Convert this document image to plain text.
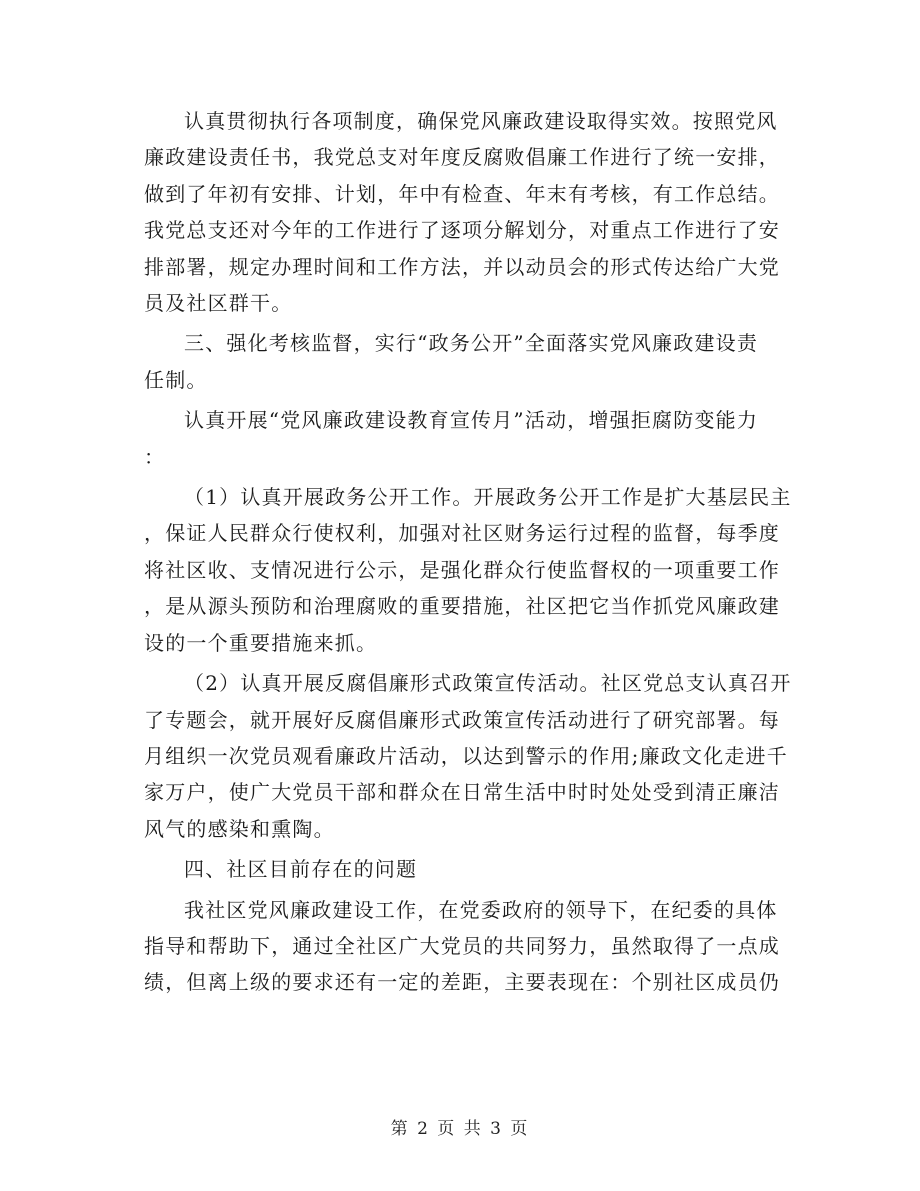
认真贯彻执行各项制度，确保党风廉政建设取得实效。按照党风
廉政建设责任书，我党总支对年度反腐败倡廉工作进行了统一安排，
做到了年初有安排、计划，年中有检查、年末有考核，有工作总结。
我党总支还对今年的工作进行了逐项分解划分，对重点工作进行了安
排部署，规定办理时间和工作方法，并以动员会的形式传达给广大党
员及社区群干。
三、强化考核监督，实行“政务公开”全面落实党风廉政建设责
任制。
认真开展“党风廉政建设教育宣传月”活动，增强拒腐防变能力
：
（1）认真开展政务公开工作。开展政务公开工作是扩大基层民主
，保证人民群众行使权利，加强对社区财务运行过程的监督，每季度
将社区收、支情况进行公示，是强化群众行使监督权的一项重要工作
，是从源头预防和治理腐败的重要措施，社区把它当作抓党风廉政建
设的一个重要措施来抓。
（2）认真开展反腐倡廉形式政策宣传活动。社区党总支认真召开
了专题会，就开展好反腐倡廉形式政策宣传活动进行了研究部署。每
月组织一次党员观看廉政片活动，以达到警示的作用;廉政文化走进千
家万户，使广大党员干部和群众在日常生活中时时处处受到清正廉洁
风气的感染和熏陶。
四、社区目前存在的问题
我社区党风廉政建设工作，在党委政府的领导下，在纪委的具体
指导和帮助下，通过全社区广大党员的共同努力，虽然取得了一点成
绩，但离上级的要求还有一定的差距，主要表现在：个别社区成员仍
第 2 页 共 3 页
